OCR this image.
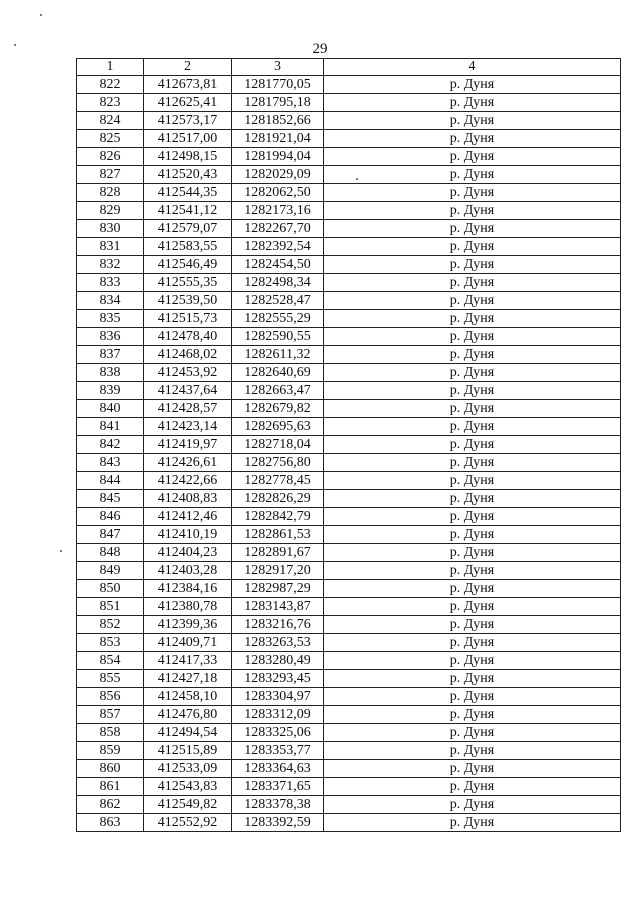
29
1	2	3	4
822	412673,81	1281770,05	р. Дуня
823	412625,41	1281795,18	р. Дуня
824	412573,17	1281852,66	р. Дуня
825	412517,00	1281921,04	р. Дуня
826	412498,15	1281994,04	р. Дуня
827	412520,43	1282029,09	р. Дуня
828	412544,35	1282062,50	р. Дуня
829	412541,12	1282173,16	р. Дуня
830	412579,07	1282267,70	р. Дуня
831	412583,55	1282392,54	р. Дуня
832	412546,49	1282454,50	р. Дуня
833	412555,35	1282498,34	р. Дуня
834	412539,50	1282528,47	р. Дуня
835	412515,73	1282555,29	р. Дуня
836	412478,40	1282590,55	р. Дуня
837	412468,02	1282611,32	р. Дуня
838	412453,92	1282640,69	р. Дуня
839	412437,64	1282663,47	р. Дуня
840	412428,57	1282679,82	р. Дуня
841	412423,14	1282695,63	р. Дуня
842	412419,97	1282718,04	р. Дуня
843	412426,61	1282756,80	р. Дуня
844	412422,66	1282778,45	р. Дуня
845	412408,83	1282826,29	р. Дуня
846	412412,46	1282842,79	р. Дуня
847	412410,19	1282861,53	р. Дуня
848	412404,23	1282891,67	р. Дуня
849	412403,28	1282917,20	р. Дуня
850	412384,16	1282987,29	р. Дуня
851	412380,78	1283143,87	р. Дуня
852	412399,36	1283216,76	р. Дуня
853	412409,71	1283263,53	р. Дуня
854	412417,33	1283280,49	р. Дуня
855	412427,18	1283293,45	р. Дуня
856	412458,10	1283304,97	р. Дуня
857	412476,80	1283312,09	р. Дуня
858	412494,54	1283325,06	р. Дуня
859	412515,89	1283353,77	р. Дуня
860	412533,09	1283364,63	р. Дуня
861	412543,83	1283371,65	р. Дуня
862	412549,82	1283378,38	р. Дуня
863	412552,92	1283392,59	р. Дуня
